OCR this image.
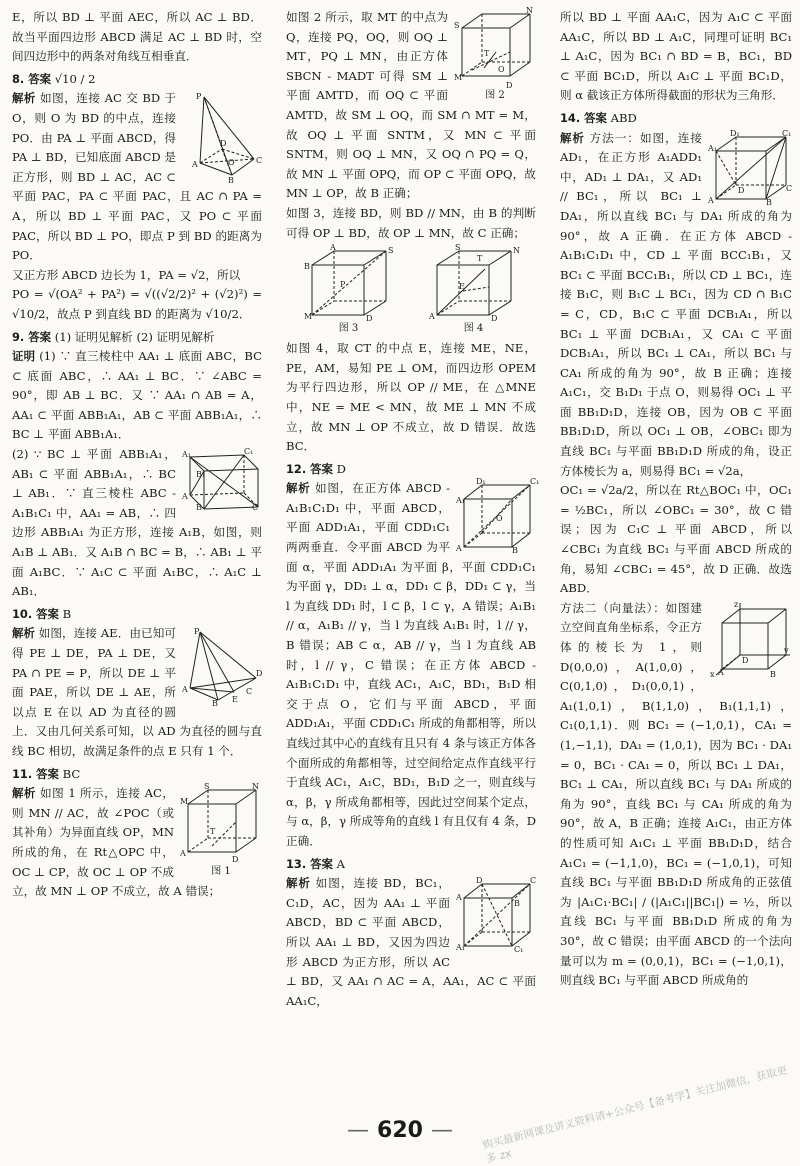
E，所以 BD ⊥ 平面 AEC，所以 AC ⊥ BD．故当平面四边形 ABCD 满足 AC ⊥ BD 时，空间四边形中的两条对角线互相垂直．

8. 答案 √10 / 2

P
A
B
C
D
O

解析 如图，连接 AC 交 BD 于 O，则 O 为 BD 的中点，连接 PO．由 PA ⊥ 平面 ABCD，得 PA ⊥ BD，已知底面 ABCD 是正方形，则 BD ⊥ AC，AC ⊂ 平面 PAC，PA ⊂ 平面 PAC，且 AC ∩ PA = A，所以 BD ⊥ 平面 PAC，又 PO ⊂ 平面 PAC，所以 BD ⊥ PO，即点 P 到 BD 的距离为 PO．

又正方形 ABCD 边长为 1，PA = √2，所以

PO = √(OA² + PA²) = √((√2/2)² + (√2)²) = √10/2，故点 P 到直线 BD 的距离为 √10/2．

9. 答案 (1) 证明见解析 (2) 证明见解析

证明 (1) ∵ 直三棱柱中 AA₁ ⊥ 底面 ABC，BC ⊂ 底面 ABC，∴ AA₁ ⊥ BC．∵ ∠ABC = 90°，即 AB ⊥ BC．又 ∵ AA₁ ∩ AB = A，AA₁ ⊂ 平面 ABB₁A₁，AB ⊂ 平面 ABB₁A₁，∴ BC ⊥ 平面 ABB₁A₁．

A₁	C₁
B₁
A
C
B

(2) ∵ BC ⊥ 平面 ABB₁A₁，AB₁ ⊂ 平面 ABB₁A₁，∴ BC ⊥ AB₁．∵ 直三棱柱 ABC - A₁B₁C₁ 中，AA₁ = AB，∴ 四边形 ABB₁A₁ 为正方形，连接 A₁B，如图，则 A₁B ⊥ AB₁．又 A₁B ∩ BC = B，∴ AB₁ ⊥ 平面 A₁BC．∵ A₁C ⊂ 平面 A₁BC，∴ A₁C ⊥ AB₁．

10. 答案 B

P
A
B E
C
D

解析 如图，连接 AE．由已知可得 PE ⊥ DE，PA ⊥ DE，又 PA ∩ PE = P，所以 DE ⊥ 平面 PAE，所以 DE ⊥ AE，所以点 E 在以 AD 为直径的圆上．又由几何关系可知，以 AD 为直径的圆与直线 BC 相切，故满足条件的点 E 只有 1 个．

11. 答案 BC

S
M
N
A
D
T
图 1

解析 如图 1 所示，连接 AC，则 MN // AC，故 ∠POC（或其补角）为异面直线 OP，MN 所成的角，在 Rt△OPC 中，OC ⊥ CP，故 OC ⊥ OP 不成立，故 MN ⊥ OP 不成立，故 A 错误；

S
N
T
M
O
D
图 2

如图 2 所示，取 MT 的中点为 Q，连接 PQ，OQ，则 OQ ⊥ MT，PQ ⊥ MN，由正方体 SBCN - MADT 可得 SM ⊥ 平面 AMTD，而 OQ ⊂ 平面 AMTD，故 SM ⊥ OQ，而 SM ∩ MT = M，故 OQ ⊥ 平面 SNTM，又 MN ⊂ 平面 SNTM，则 OQ ⊥ MN，又 OQ ∩ PQ = Q，故 MN ⊥ 平面 OPQ，而 OP ⊂ 平面 OPQ，故 MN ⊥ OP，故 B 正确；

如图 3，连接 BD，则 BD // MN，由 B 的判断可得 OP ⊥ BD，故 OP ⊥ MN，故 C 正确；

A	S
B
M	D
P
图 3
S	N
T
A	D
E
图 4

如图 4，取 CT 的中点 E，连接 ME，NE，PE，AM，易知 PE ⊥ OM，而四边形 OPEM 为平行四边形，所以 OP // ME，在 △MNE 中，NE = ME < MN，故 ME ⊥ MN 不成立，故 MN ⊥ OP 不成立，故 D 错误．故选 BC．

12. 答案 D

D₁	C₁
A₁
A	B
O

解析 如图，在正方体 ABCD - A₁B₁C₁D₁ 中，平面 ABCD，平面 ADD₁A₁，平面 CDD₁C₁ 两两垂直．令平面 ABCD 为平面 α，平面 ADD₁A₁ 为平面 β，平面 CDD₁C₁ 为平面 γ，DD₁ ⊥ α，DD₁ ⊂ β，DD₁ ⊂ γ，当 l 为直线 DD₁ 时，l ⊂ β，l ⊂ γ，A 错误；A₁B₁ // α，A₁B₁ // γ，当 l 为直线 A₁B₁ 时，l // γ，B 错误；AB ⊂ α，AB // γ，当 l 为直线 AB 时，l // γ，C 错误；在正方体 ABCD - A₁B₁C₁D₁ 中，直线 AC₁，A₁C，BD₁，B₁D 相交于点 O，它们与平面 ABCD，平面 ADD₁A₁，平面 CDD₁C₁ 所成的角都相等，所以直线过其中心的直线有且只有 4 条与该正方体各个面所成的角都相等，过空间给定点作直线平行于直线 AC₁，A₁C，BD₁，B₁D 之一，则直线与 α，β，γ 所成角都相等，因此过空间某个定点，与 α，β，γ 所成等角的直线 l 有且仅有 4 条，D 正确．

13. 答案 A

D	C
A
B
A₁	C₁

解析 如图，连接 BD，BC₁，C₁D，AC，因为 AA₁ ⊥ 平面 ABCD，BD ⊂ 平面 ABCD，所以 AA₁ ⊥ BD，又因为四边形 ABCD 为正方形，所以 AC ⊥ BD，又 AA₁ ∩ AC = A，AA₁，AC ⊂ 平面 AA₁C，

所以 BD ⊥ 平面 AA₁C，因为 A₁C ⊂ 平面 AA₁C，所以 BD ⊥ A₁C，同理可证明 BC₁ ⊥ A₁C，因为 BC₁ ∩ BD = B，BC₁，BD ⊂ 平面 BC₁D，所以 A₁C ⊥ 平面 BC₁D，则 α 截该正方体所得截面的形状为三角形．

14. 答案 ABD

D₁	C₁
A₁
A	B
D	C

解析 方法一：如图，连接 AD₁，在正方形 A₁ADD₁ 中，AD₁ ⊥ DA₁，又 AD₁ // BC₁，所以 BC₁ ⊥ DA₁，所以直线 BC₁ 与 DA₁ 所成的角为 90°，故 A 正确．在正方体 ABCD - A₁B₁C₁D₁ 中，CD ⊥ 平面 BCC₁B₁，又 BC₁ ⊂ 平面 BCC₁B₁，所以 CD ⊥ BC₁，连接 B₁C，则 B₁C ⊥ BC₁，因为 CD ∩ B₁C = C，CD，B₁C ⊂ 平面 DCB₁A₁，所以 BC₁ ⊥ 平面 DCB₁A₁，又 CA₁ ⊂ 平面 DCB₁A₁，所以 BC₁ ⊥ CA₁，所以 BC₁ 与 CA₁ 所成的角为 90°，故 B 正确；连接 A₁C₁，交 B₁D₁ 于点 O，则易得 OC₁ ⊥ 平面 BB₁D₁D，连接 OB，因为 OB ⊂ 平面 BB₁D₁D，所以 OC₁ ⊥ OB，∠OBC₁ 即为直线 BC₁ 与平面 BB₁D₁D 所成的角，设正方体棱长为 a，则易得 BC₁ = √2a，

OC₁ = √2a/2，所以在 Rt△BOC₁ 中，OC₁ = ½BC₁，所以 ∠OBC₁ = 30°，故 C 错误；因为 C₁C ⊥ 平面 ABCD，所以 ∠CBC₁ 为直线 BC₁ 与平面 ABCD 所成的角，易知 ∠CBC₁ = 45°，故 D 正确．故选 ABD．

z
y
x
D
A	B

方法二（向量法）：如图建立空间直角坐标系，令正方体的棱长为 1，则 D(0,0,0)，A(1,0,0)，C(0,1,0)，D₁(0,0,1)，A₁(1,0,1)，B(1,1,0)，B₁(1,1,1)，C₁(0,1,1)．则 BC₁ = (−1,0,1)，CA₁ = (1,−1,1)，DA₁ = (1,0,1)，因为 BC₁ · DA₁ = 0，BC₁ · CA₁ = 0，所以 BC₁ ⊥ DA₁，BC₁ ⊥ CA₁，所以直线 BC₁ 与 DA₁ 所成的角为 90°，直线 BC₁ 与 CA₁ 所成的角为 90°，故 A，B 正确；连接 A₁C₁，由正方体的性质可知 A₁C₁ ⊥ 平面 BB₁D₁D，结合 A₁C₁ = (−1,1,0)，BC₁ = (−1,0,1)，可知直线 BC₁ 与平面 BB₁D₁D 所成角的正弦值为 |A₁C₁·BC₁| / (|A₁C₁||BC₁|) = ½，所以直线 BC₁ 与平面 BB₁D₁D 所成的角为 30°，故 C 错误；由平面 ABCD 的一个法向量可以为 m = (0,0,1)，BC₁ = (−1,0,1)，则直线 BC₁ 与平面 ABCD 所成角的

— 620 —	购买最新网课及讲义资料请+公众号【备考学】关注加微信，获取更多 zx
